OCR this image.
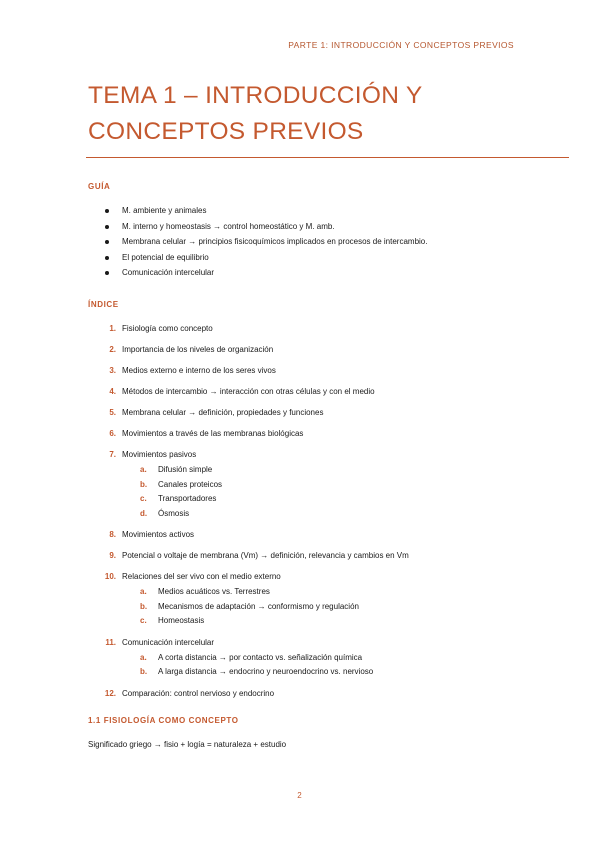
PARTE 1: INTRODUCCIÓN Y CONCEPTOS PREVIOS
TEMA 1 – INTRODUCCIÓN Y
CONCEPTOS PREVIOS
GUÍA
M. ambiente y animales
M. interno y homeostasis → control homeostático y M. amb.
Membrana celular → principios fisicoquímicos implicados en procesos de intercambio.
El potencial de equilibrio
Comunicación intercelular
ÍNDICE
1. Fisiología como concepto
2. Importancia de los niveles de organización
3. Medios externo e interno de los seres vivos
4. Métodos de intercambio → interacción con otras células y con el medio
5. Membrana celular → definición, propiedades y funciones
6. Movimientos a través de las membranas biológicas
7. Movimientos pasivos
a.	Difusión simple
b.	Canales proteicos
c.	Transportadores
d.	Ósmosis
8. Movimientos activos
9. Potencial o voltaje de membrana (Vm) → definición, relevancia y cambios en Vm
10. Relaciones del ser vivo con el medio externo
a.	Medios acuáticos vs. Terrestres
b.	Mecanismos de adaptación → conformismo y regulación
c.	Homeostasis
11. Comunicación intercelular
a.	A corta distancia → por contacto vs. señalización química
b.	A larga distancia → endocrino y neuroendocrino vs. nervioso
12. Comparación: control nervioso y endocrino
1.1 FISIOLOGÍA COMO CONCEPTO

Significado griego → fisio + logía = naturaleza + estudio

2
